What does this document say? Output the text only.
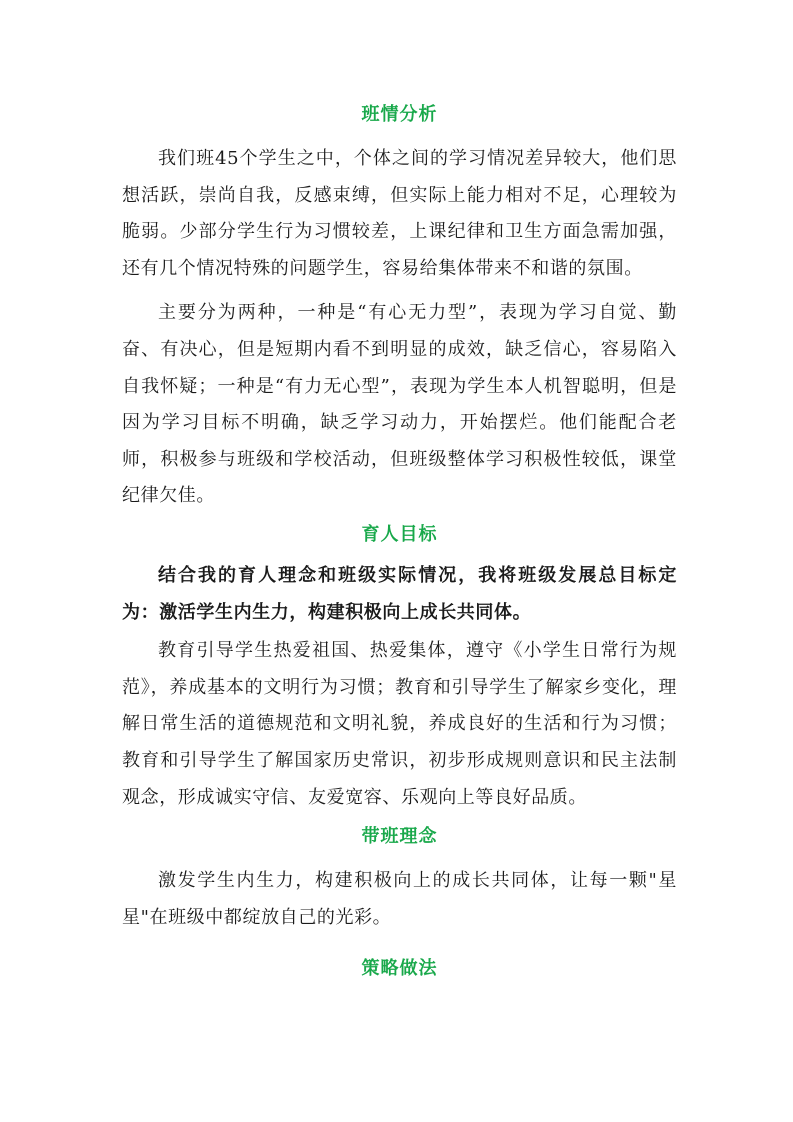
班情分析

我们班45个学生之中，个体之间的学习情况差异较大，他们思想活跃，崇尚自我，反感束缚，但实际上能力相对不足，心理较为脆弱。少部分学生行为习惯较差，上课纪律和卫生方面急需加强，还有几个情况特殊的问题学生，容易给集体带来不和谐的氛围。

主要分为两种，一种是“有心无力型”，表现为学习自觉、勤奋、有决心，但是短期内看不到明显的成效，缺乏信心，容易陷入自我怀疑；一种是“有力无心型”，表现为学生本人机智聪明，但是因为学习目标不明确，缺乏学习动力，开始摆烂。他们能配合老师，积极参与班级和学校活动，但班级整体学习积极性较低，课堂纪律欠佳。

育人目标

结合我的育人理念和班级实际情况，我将班级发展总目标定为：激活学生内生力，构建积极向上成长共同体。

教育引导学生热爱祖国、热爱集体，遵守《小学生日常行为规范》，养成基本的文明行为习惯；教育和引导学生了解家乡变化，理解日常生活的道德规范和文明礼貌，养成良好的生活和行为习惯；教育和引导学生了解国家历史常识，初步形成规则意识和民主法制观念，形成诚实守信、友爱宽容、乐观向上等良好品质。

带班理念

激发学生内生力，构建积极向上的成长共同体，让每一颗"星星"在班级中都绽放自己的光彩。

策略做法
